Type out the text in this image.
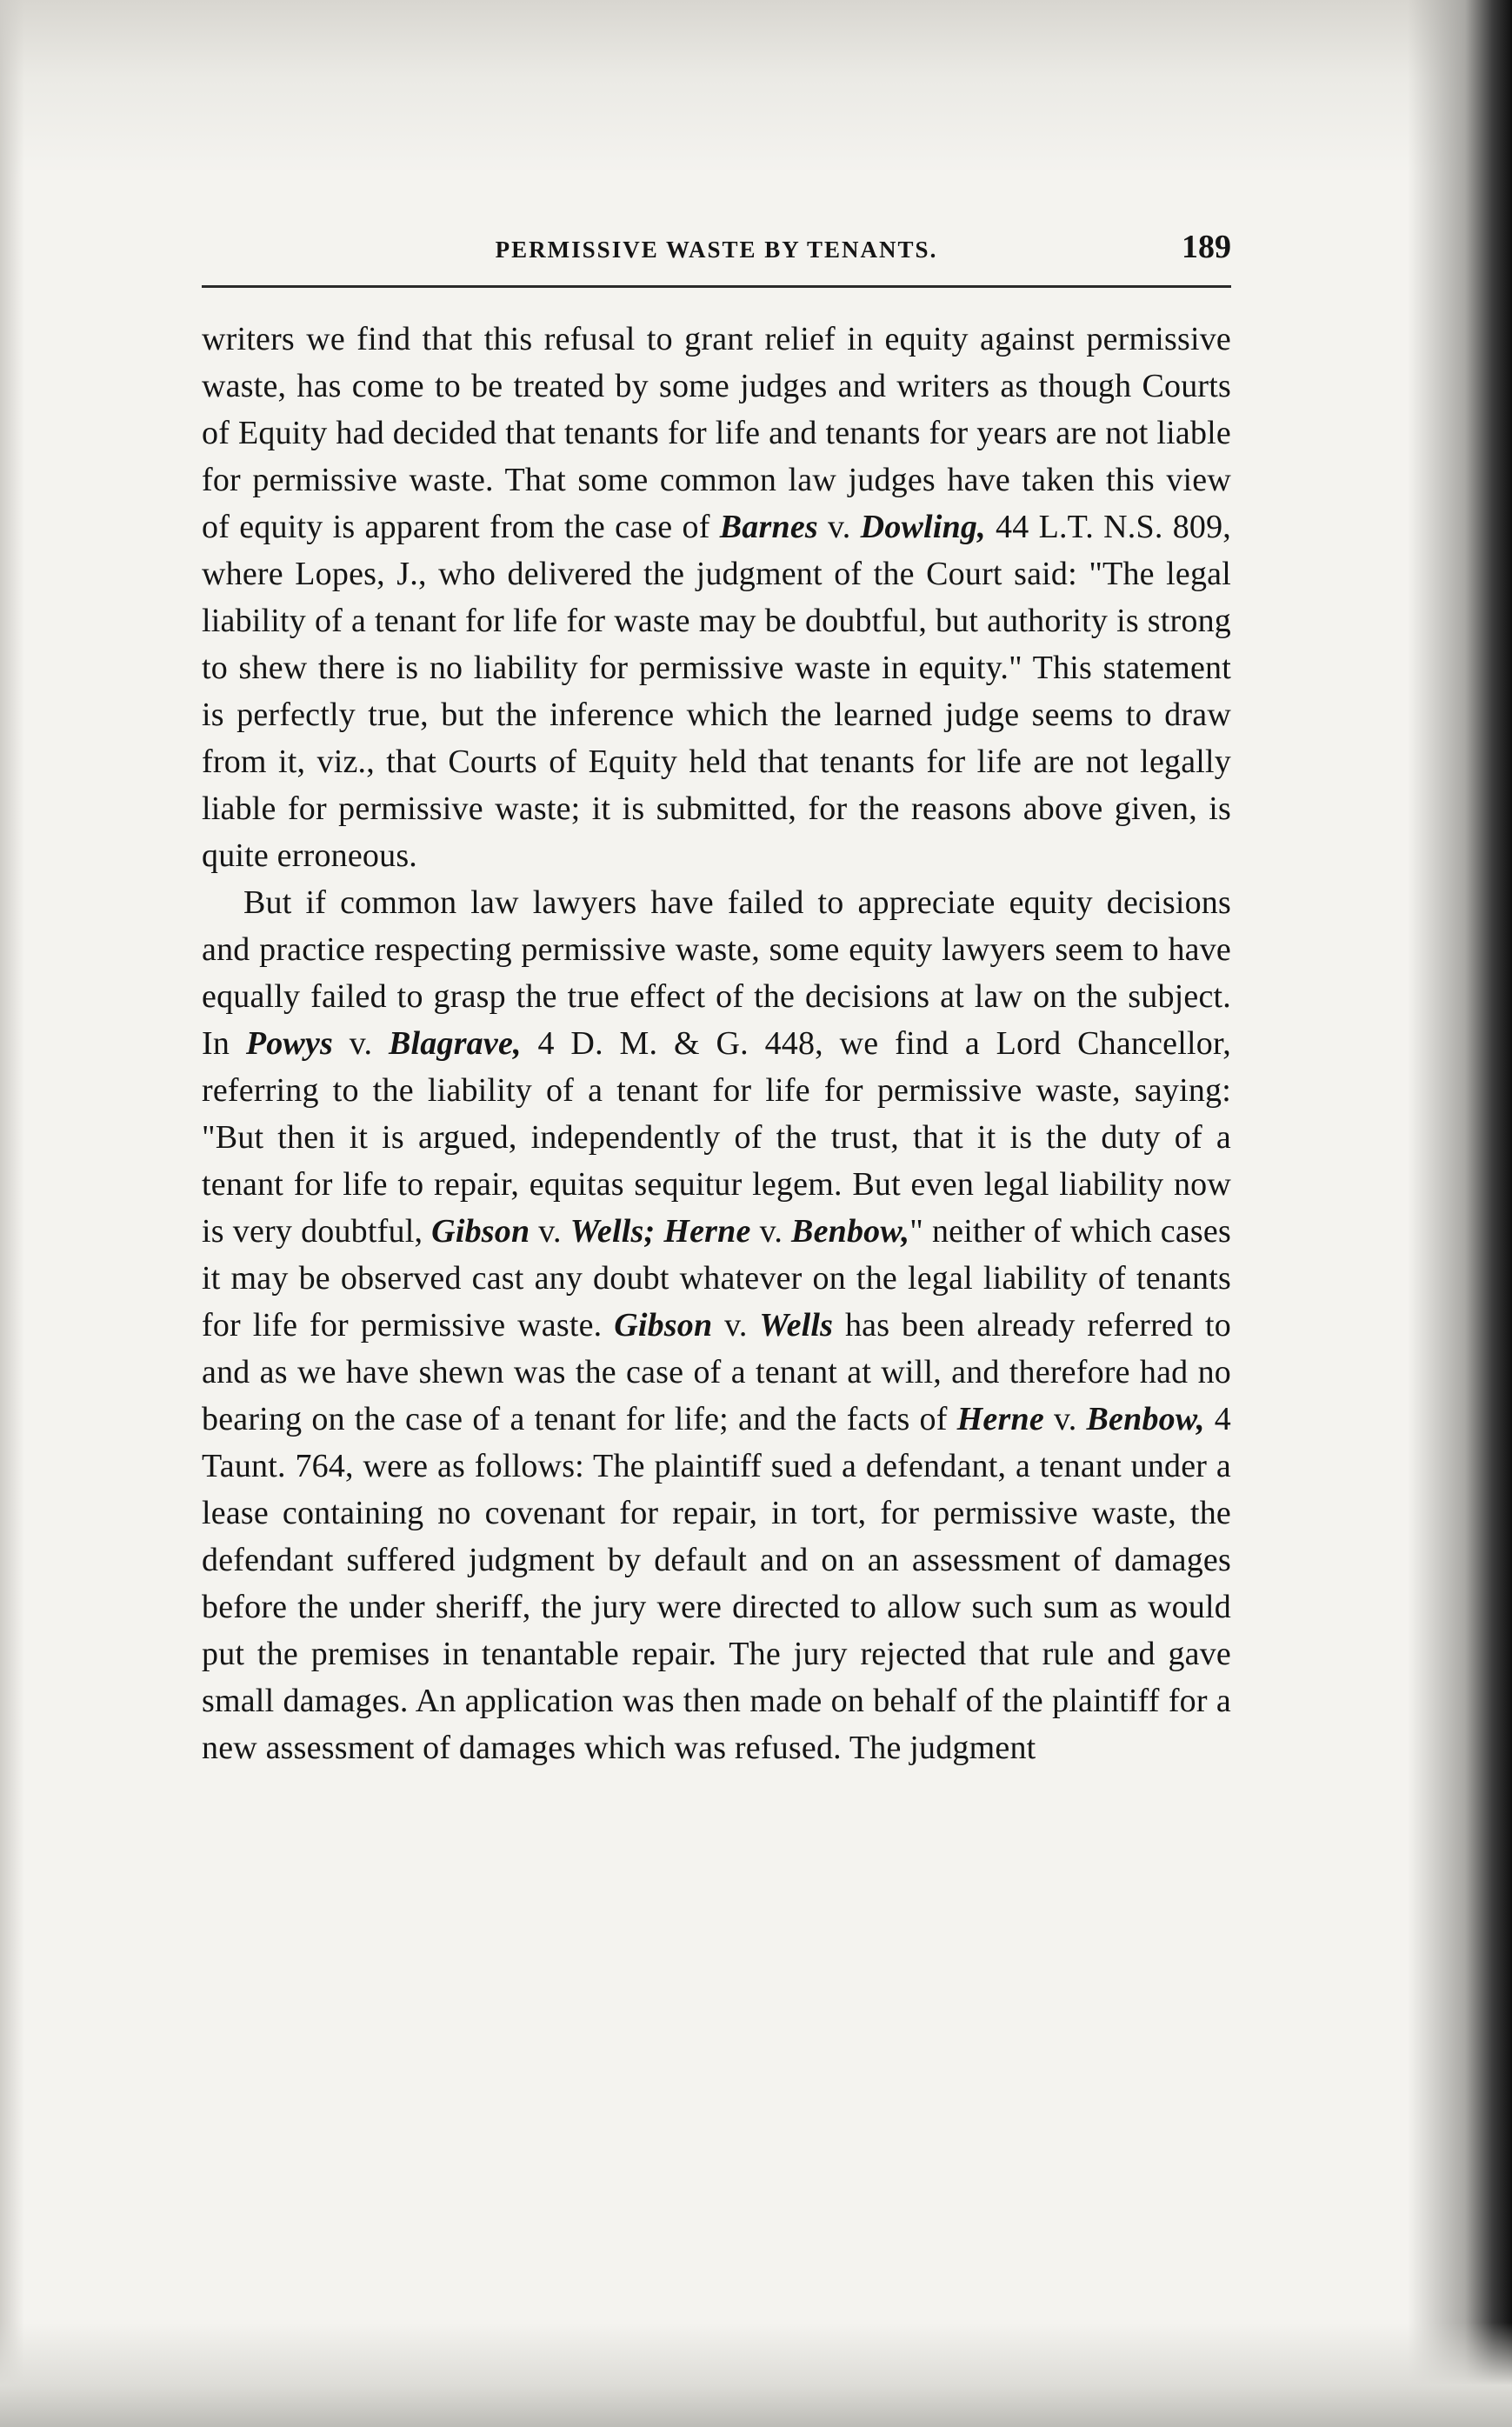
PERMISSIVE WASTE BY TENANTS.	189

writers we find that this refusal to grant relief in equity against permissive waste, has come to be treated by some judges and writers as though Courts of Equity had decided that tenants for life and tenants for years are not liable for permissive waste. That some common law judges have taken this view of equity is apparent from the case of Barnes v. Dowling, 44 L.T. N.S. 809, where Lopes, J., who delivered the judgment of the Court said: "The legal liability of a tenant for life for waste may be doubtful, but authority is strong to shew there is no liability for permissive waste in equity." This statement is perfectly true, but the inference which the learned judge seems to draw from it, viz., that Courts of Equity held that tenants for life are not legally liable for permissive waste; it is submitted, for the reasons above given, is quite erroneous.

But if common law lawyers have failed to appreciate equity decisions and practice respecting permissive waste, some equity lawyers seem to have equally failed to grasp the true effect of the decisions at law on the subject. In Powys v. Blagrave, 4 D. M. & G. 448, we find a Lord Chancellor, referring to the liability of a tenant for life for permissive waste, saying: "But then it is argued, independently of the trust, that it is the duty of a tenant for life to repair, equitas sequitur legem. But even legal liability now is very doubtful, Gibson v. Wells; Herne v. Benbow," neither of which cases it may be observed cast any doubt whatever on the legal liability of tenants for life for permissive waste. Gibson v. Wells has been already referred to and as we have shewn was the case of a tenant at will, and therefore had no bearing on the case of a tenant for life; and the facts of Herne v. Benbow, 4 Taunt. 764, were as follows: The plaintiff sued a defendant, a tenant under a lease containing no covenant for repair, in tort, for permissive waste, the defendant suffered judgment by default and on an assessment of damages before the under sheriff, the jury were directed to allow such sum as would put the premises in tenantable repair. The jury rejected that rule and gave small damages. An application was then made on behalf of the plaintiff for a new assessment of damages which was refused. The judgment
